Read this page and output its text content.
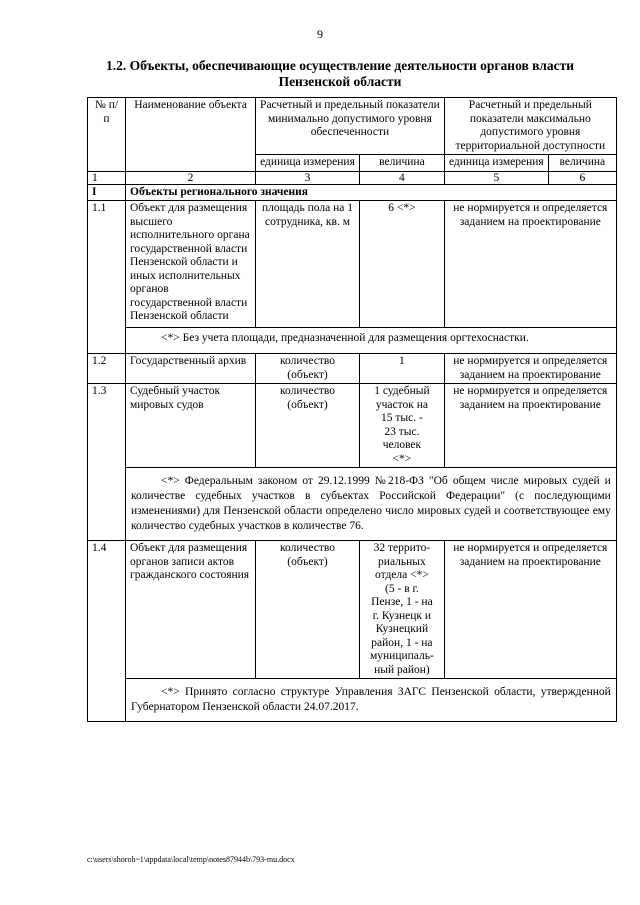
9
1.2. Объекты, обеспечивающие осуществление деятельности органов власти
Пензенской области
№ п/п	Наименование объекта	Расчетный и предельный показатели минимально допустимого уровня обеспеченности		Расчетный и предельный показатели максимально допустимого уровня территориальной доступности	
		единица измерения	величина	единица измерения	величина
1	2	3	4	5	6
I	Объекты регионального значения				
1.1	Объект для размещения высшего исполнительного органа государственной власти Пензенской области и иных исполнительных органов государственной власти Пензенской области	площадь пола на 1 сотрудника, кв. м	6 <*>	не нормируется и определяется заданием на проектирование	
	<*> Без учета площади, предназначенной для размещения оргтехоснастки.				
1.2	Государственный архив	количество (объект)	1	не нормируется и определяется заданием на проектирование	
1.3	Судебный участок мировых судов	количество (объект)	1 судебный участок на 15 тыс. - 23 тыс. человек <*>	не нормируется и определяется заданием на проектирование	
	<*> Федеральным законом от 29.12.1999 №218-ФЗ "Об общем числе мировых судей и количестве судебных участков в субъектах Российской Федерации" (с последующими изменениями) для Пензенской области определено число мировых судей и соответствующее ему количество судебных участков в количестве 76.				
1.4	Объект для размещения органов записи актов гражданского состояния	количество (объект)	32 террито-риальных отдела <*> (5 - в г. Пензе, 1 - на г. Кузнецк и Кузнецкий район, 1 - на муниципаль-ный район)	не нормируется и определяется заданием на проектирование	
	<*> Принято согласно структуре Управления ЗАГС Пензенской области, утвержденной Губернатором Пензенской области 24.07.2017.				
c:\users\shoroh~1\appdata\local\temp\notes87944b\793-mu.docx
